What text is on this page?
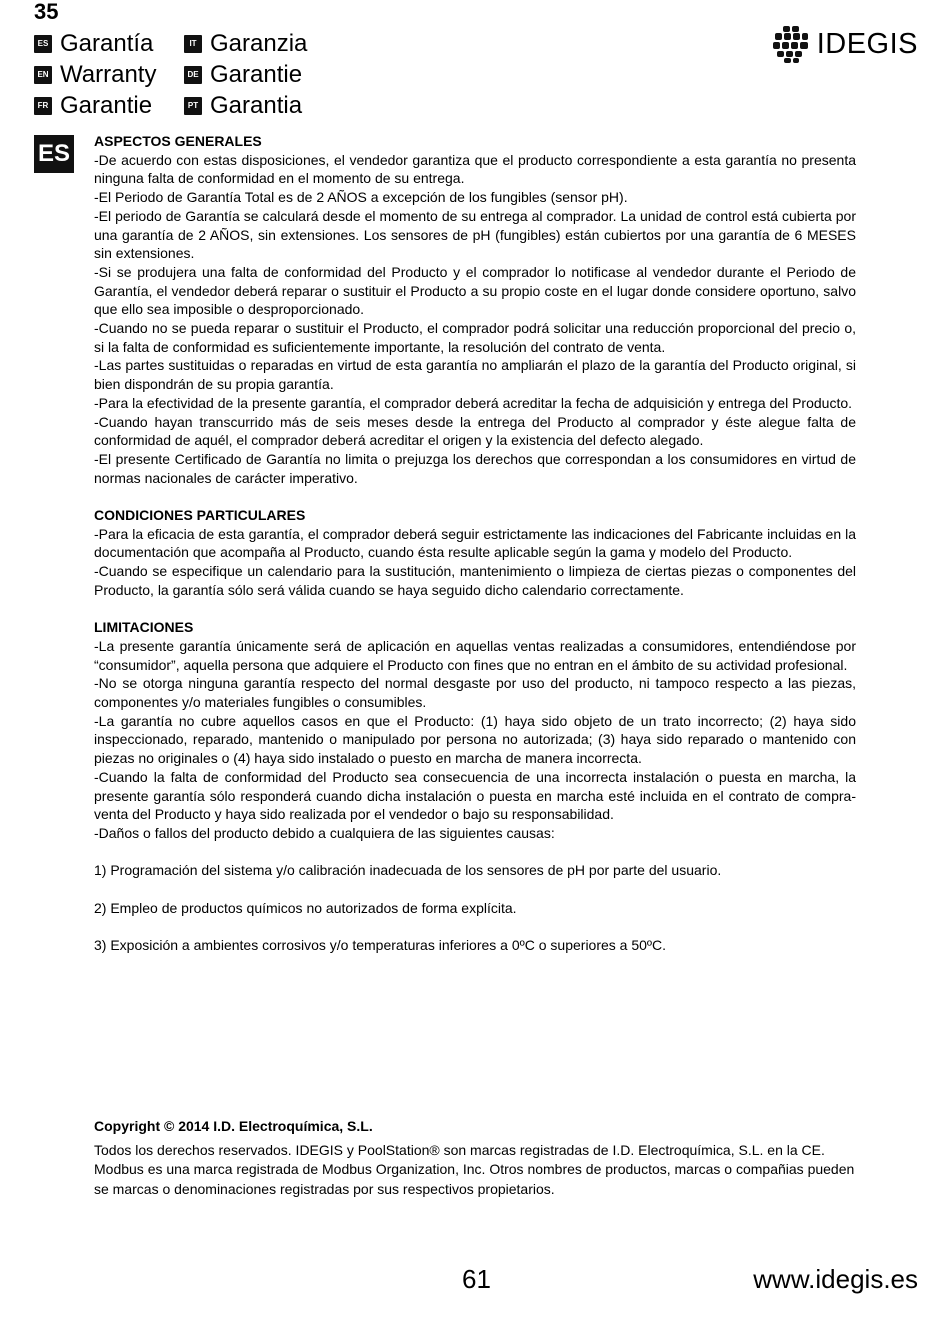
35
ES Garantía	IT Garanzia
EN Warranty	DE Garantie
FR Garantie	PT Garantia
IDEGIS
ES ASPECTOS GENERALES

-De acuerdo con estas disposiciones, el vendedor garantiza que el producto correspondiente a esta garantía no presenta ninguna falta de conformidad en el momento de su entrega.

-El Periodo de Garantía Total es de 2 AÑOS a excepción de los fungibles (sensor pH).

-El periodo de Garantía se calculará desde el momento de su entrega al comprador. La unidad de control está cubierta por una garantía de 2 AÑOS, sin extensiones. Los sensores de pH (fungibles) están cubiertos por una garantía de 6 MESES sin extensiones.

-Si se produjera una falta de conformidad del Producto y el comprador lo notificase al vendedor durante el Periodo de Garantía, el vendedor deberá reparar o sustituir el Producto a su propio coste en el lugar donde considere oportuno, salvo que ello sea imposible o desproporcionado.

-Cuando no se pueda reparar o sustituir el Producto, el comprador podrá solicitar una reducción proporcional del precio o, si la falta de conformidad es suficientemente importante, la resolución del contrato de venta.

-Las partes sustituidas o reparadas en virtud de esta garantía no ampliarán el plazo de la garantía del Producto original, si bien dispondrán de su propia garantía.

-Para la efectividad de la presente garantía, el comprador deberá acreditar la fecha de adquisición y entrega del Producto.

-Cuando hayan transcurrido más de seis meses desde la entrega del Producto al comprador y éste alegue falta de conformidad de aquél, el comprador deberá acreditar el origen y la existencia del defecto alegado.

-El presente Certificado de Garantía no limita o prejuzga los derechos que correspondan a los consumidores en virtud de normas nacionales de carácter imperativo.

CONDICIONES PARTICULARES

-Para la eficacia de esta garantía, el comprador deberá seguir estrictamente las indicaciones del Fabricante incluidas en la documentación que acompaña al Producto, cuando ésta resulte aplicable según la gama y modelo del Producto.

-Cuando se especifique un calendario para la sustitución, mantenimiento o limpieza de ciertas piezas o componentes del Producto, la garantía sólo será válida cuando se haya seguido dicho calendario correctamente.

LIMITACIONES

-La presente garantía únicamente será de aplicación en aquellas ventas realizadas a consumidores, entendiéndose por “consumidor”, aquella persona que adquiere el Producto con fines que no entran en el ámbito de su actividad profesional.

-No se otorga ninguna garantía respecto del normal desgaste por uso del producto, ni tampoco respecto a las piezas, componentes y/o materiales fungibles o consumibles.

-La garantía no cubre aquellos casos en que el Producto: (1) haya sido objeto de un trato incorrecto; (2) haya sido inspeccionado, reparado, mantenido o manipulado por persona no autorizada; (3) haya sido reparado o mantenido con piezas no originales o (4) haya sido instalado o puesto en marcha de manera incorrecta.

-Cuando la falta de conformidad del Producto sea consecuencia de una incorrecta instalación o puesta en marcha, la presente garantía sólo responderá cuando dicha instalación o puesta en marcha esté incluida en el contrato de compra-venta del Producto y haya sido realizada por el vendedor o bajo su responsabilidad.

-Daños o fallos del producto debido a cualquiera de las siguientes causas:

1) Programación del sistema y/o calibración inadecuada de los sensores de pH por parte del usuario.

2) Empleo de productos químicos no autorizados de forma explícita.

3) Exposición a ambientes corrosivos y/o temperaturas inferiores a 0ºC o superiores a 50ºC.

Copyright © 2014 I.D. Electroquímica, S.L.

Todos los derechos reservados. IDEGIS y PoolStation® son marcas registradas de I.D. Electroquímica, S.L. en la CE. Modbus es una marca registrada de Modbus Organization, Inc. Otros nombres de productos, marcas o compañias pueden se marcas o denominaciones registradas por sus respectivos propietarios.

61	www.idegis.es
